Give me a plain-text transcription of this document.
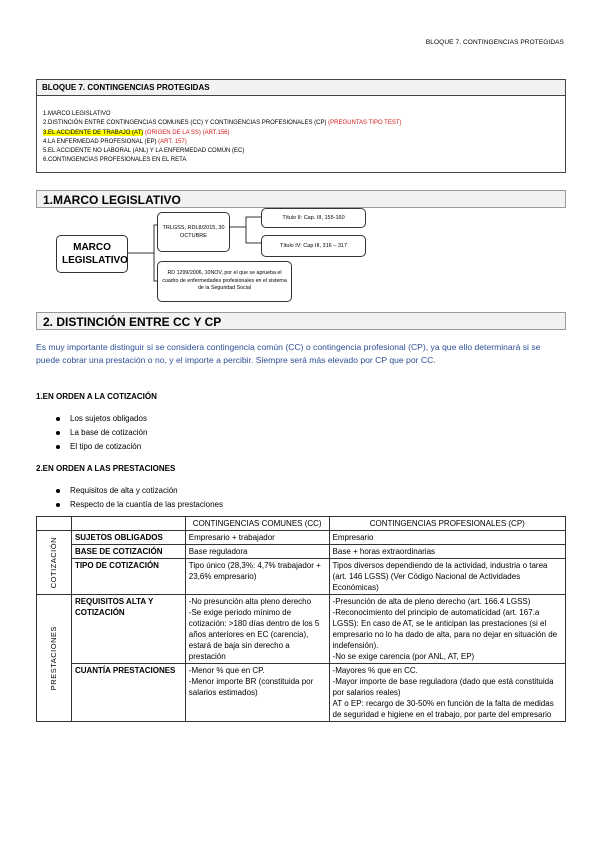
BLOQUE 7. CONTINGENCIAS PROTEGIDAS
BLOQUE 7. CONTINGENCIAS PROTEGIDAS
1.MARCO LEGISLATIVO
2.DISTINCIÓN ENTRE CONTINGENCIAS COMUNES (CC) Y CONTINGENCIAS PROFESIONALES (CP) (PREGUNTAS TIPO TEST)
3.EL ACCIDENTE DE TRABAJO (AT) (ORIGEN DE LA SS) (ART.156)
4.LA ENFERMEDAD PROFESIONAL (EP) (ART. 157)
5.EL ACCIDENTE NO LABORAL (ANL) Y LA ENFERMEDAD COMÚN (EC)
6.CONTINGENCIAS PROFESIONALES EN EL RETA
1.MARCO LEGISLATIVO
MARCO LEGISLATIVO
TRLGSS, RDL8/2015, 30 OCTUBRE
Título II: Cap. III, 155-160
Título IV: Cap III, 316 – 317
RD 1299/2006, 10NOV, por el que se aprueba el cuadro de enfermedades profesionales en el sistema de la Seguridad Social
2. DISTINCIÓN ENTRE CC Y CP
Es muy importante distinguir si se considera contingencia común (CC) o contingencia profesional (CP), ya que ello determinará si se puede cobrar una prestación o no, y el importe a percibir. Siempre será más elevado por CP que por CC.
1.EN ORDEN A LA COTIZACIÓN
Los sujetos obligados
La base de cotización
El tipo de cotización
2.EN ORDEN A LAS PRESTACIONES
Requisitos de alta y cotización
Respecto de la cuantía de las prestaciones
		CONTINGENCIAS COMUNES (CC)	CONTINGENCIAS PROFESIONALES (CP)

COTIZACIÓN	SUJETOS OBLIGADOS	Empresario + trabajador	Empresario
	BASE DE COTIZACIÓN	Base reguladora	Base + horas extraordinarias
	TIPO DE COTIZACIÓN	Tipo único (28,3%: 4,7% trabajador + 23,6% empresario)	Tipos diversos dependiendo de la actividad, industria o tarea (art. 146 LGSS) (Ver Código Nacional de Actividades Económicas)

PRESTACIONES	REQUISITOS ALTA Y COTIZACIÓN	-No presunción alta pleno derecho
-Se exige periodo mínimo de cotización: >180 días dentro de los 5 años anteriores en EC (carencia), estará de baja sin derecho a prestación	-Presunción de alta de pleno derecho (art. 166.4 LGSS)
-Reconocimiento del principio de automaticidad (art. 167.a LGSS): En caso de AT, se le anticipan las prestaciones (si el empresario no lo ha dado de alta, para no dejar en situación de indefensión).
-No se exige carencia (por ANL, AT, EP)
	CUANTÍA PRESTACIONES	-Menor % que en CP.
-Menor importe BR (constituida por salarios estimados)	-Mayores % que en CC.
-Mayor importe de base reguladora (dado que está constituida por salarios reales)
AT o EP: recargo de 30-50% en función de la falta de medidas de seguridad e higiene en el trabajo, por parte del empresario
